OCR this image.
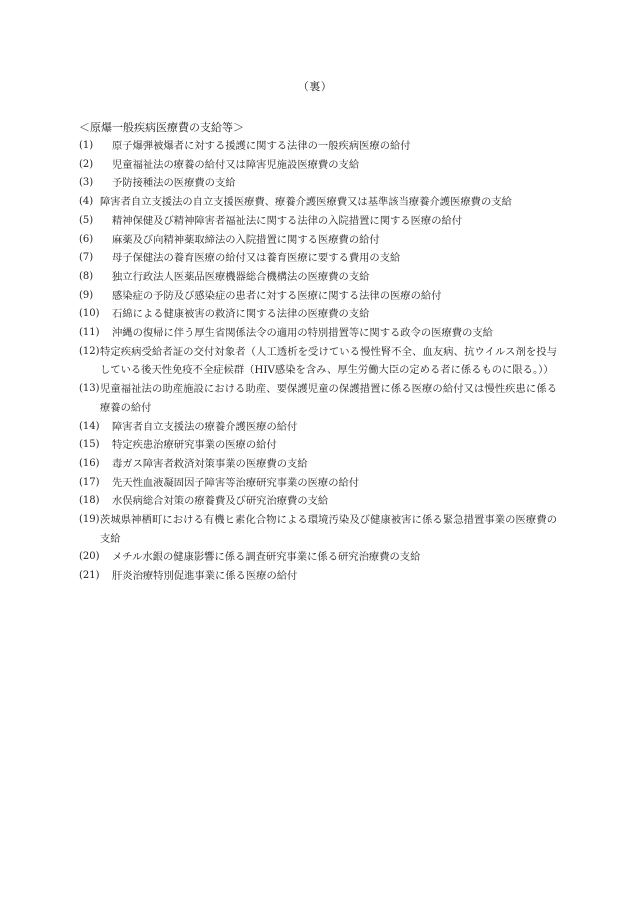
（裏）
＜原爆一般疾病医療費の支給等＞
(1)	原子爆弾被爆者に対する援護に関する法律の一般疾病医療の給付
(2)	児童福祉法の療養の給付又は障害児施設医療費の支給
(3)	予防接種法の医療費の支給
(4) 障害者自立支援法の自立支援医療費、療養介護医療費又は基準該当療養介護医療費の支給
(5)	精神保健及び精神障害者福祉法に関する法律の入院措置に関する医療の給付
(6)	麻薬及び向精神薬取締法の入院措置に関する医療費の給付
(7)	母子保健法の養育医療の給付又は養育医療に要する費用の支給
(8)	独立行政法人医薬品医療機器総合機構法の医療費の支給
(9)	感染症の予防及び感染症の患者に対する医療に関する法律の医療の給付
(10)	石綿による健康被害の救済に関する法律の医療費の支給
(11)	沖縄の復帰に伴う厚生省関係法令の適用の特別措置等に関する政令の医療費の支給
(12) 特定疾病受給者証の交付対象者（人工透析を受けている慢性腎不全、血友病、抗ウイルス剤を投与している後天性免疫不全症候群（HIV感染を含み、厚生労働大臣の定める者に係るものに限る。））
(13) 児童福祉法の助産施設における助産、要保護児童の保護措置に係る医療の給付又は慢性疾患に係る療養の給付
(14)	障害者自立支援法の療養介護医療の給付
(15)	特定疾患治療研究事業の医療の給付
(16)	毒ガス障害者救済対策事業の医療費の支給
(17)	先天性血液凝固因子障害等治療研究事業の医療の給付
(18)	水俣病総合対策の療養費及び研究治療費の支給
(19) 茨城県神栖町における有機ヒ素化合物による環境汚染及び健康被害に係る緊急措置事業の医療費の支給
(20)	メチル水銀の健康影響に係る調査研究事業に係る研究治療費の支給
(21)	肝炎治療特別促進事業に係る医療の給付
